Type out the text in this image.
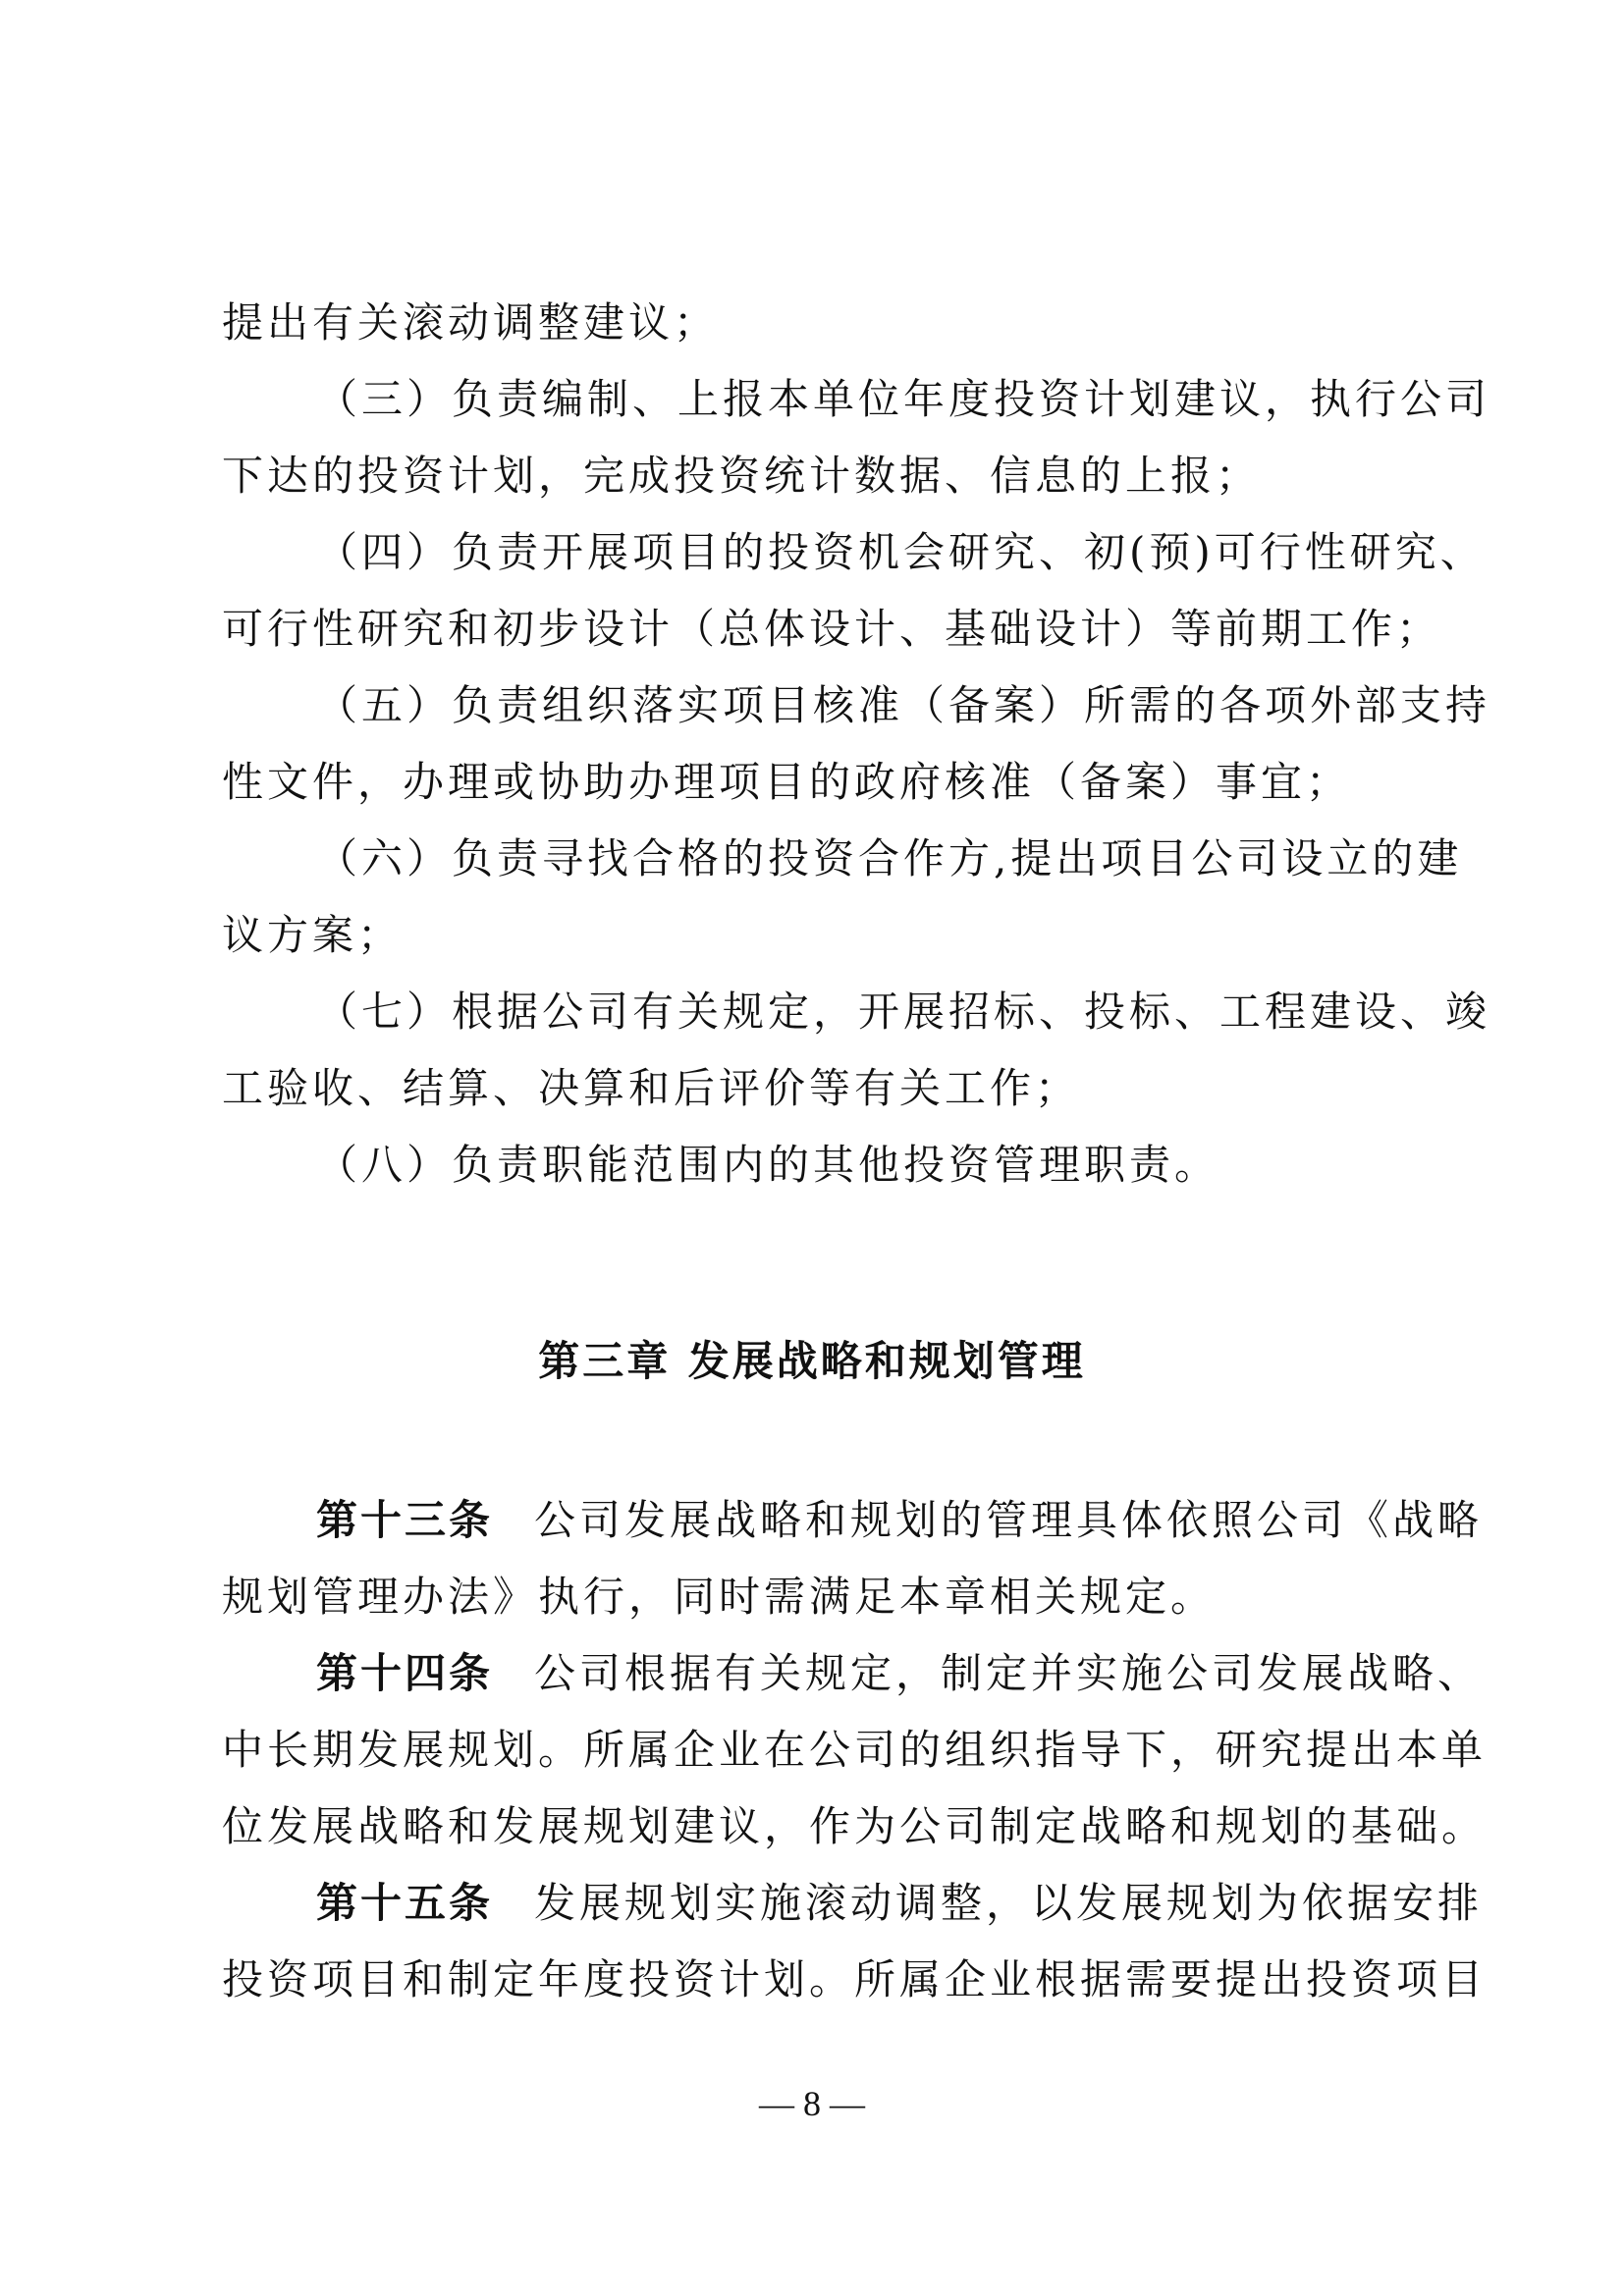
提出有关滚动调整建议；
（三）负责编制、上报本单位年度投资计划建议，执行公司
下达的投资计划，完成投资统计数据、信息的上报；
（四）负责开展项目的投资机会研究、初(预)可行性研究、
可行性研究和初步设计（总体设计、基础设计）等前期工作；
（五）负责组织落实项目核准（备案）所需的各项外部支持
性文件，办理或协助办理项目的政府核准（备案）事宜；
（六）负责寻找合格的投资合作方,提出项目公司设立的建
议方案；
（七）根据公司有关规定，开展招标、投标、工程建设、竣
工验收、结算、决算和后评价等有关工作；
（八）负责职能范围内的其他投资管理职责。
第三章 发展战略和规划管理
第十三条 公司发展战略和规划的管理具体依照公司《战略
规划管理办法》执行，同时需满足本章相关规定。
第十四条 公司根据有关规定，制定并实施公司发展战略、
中长期发展规划。所属企业在公司的组织指导下，研究提出本单
位发展战略和发展规划建议，作为公司制定战略和规划的基础。
第十五条 发展规划实施滚动调整，以发展规划为依据安排
投资项目和制定年度投资计划。所属企业根据需要提出投资项目
— 8 —
